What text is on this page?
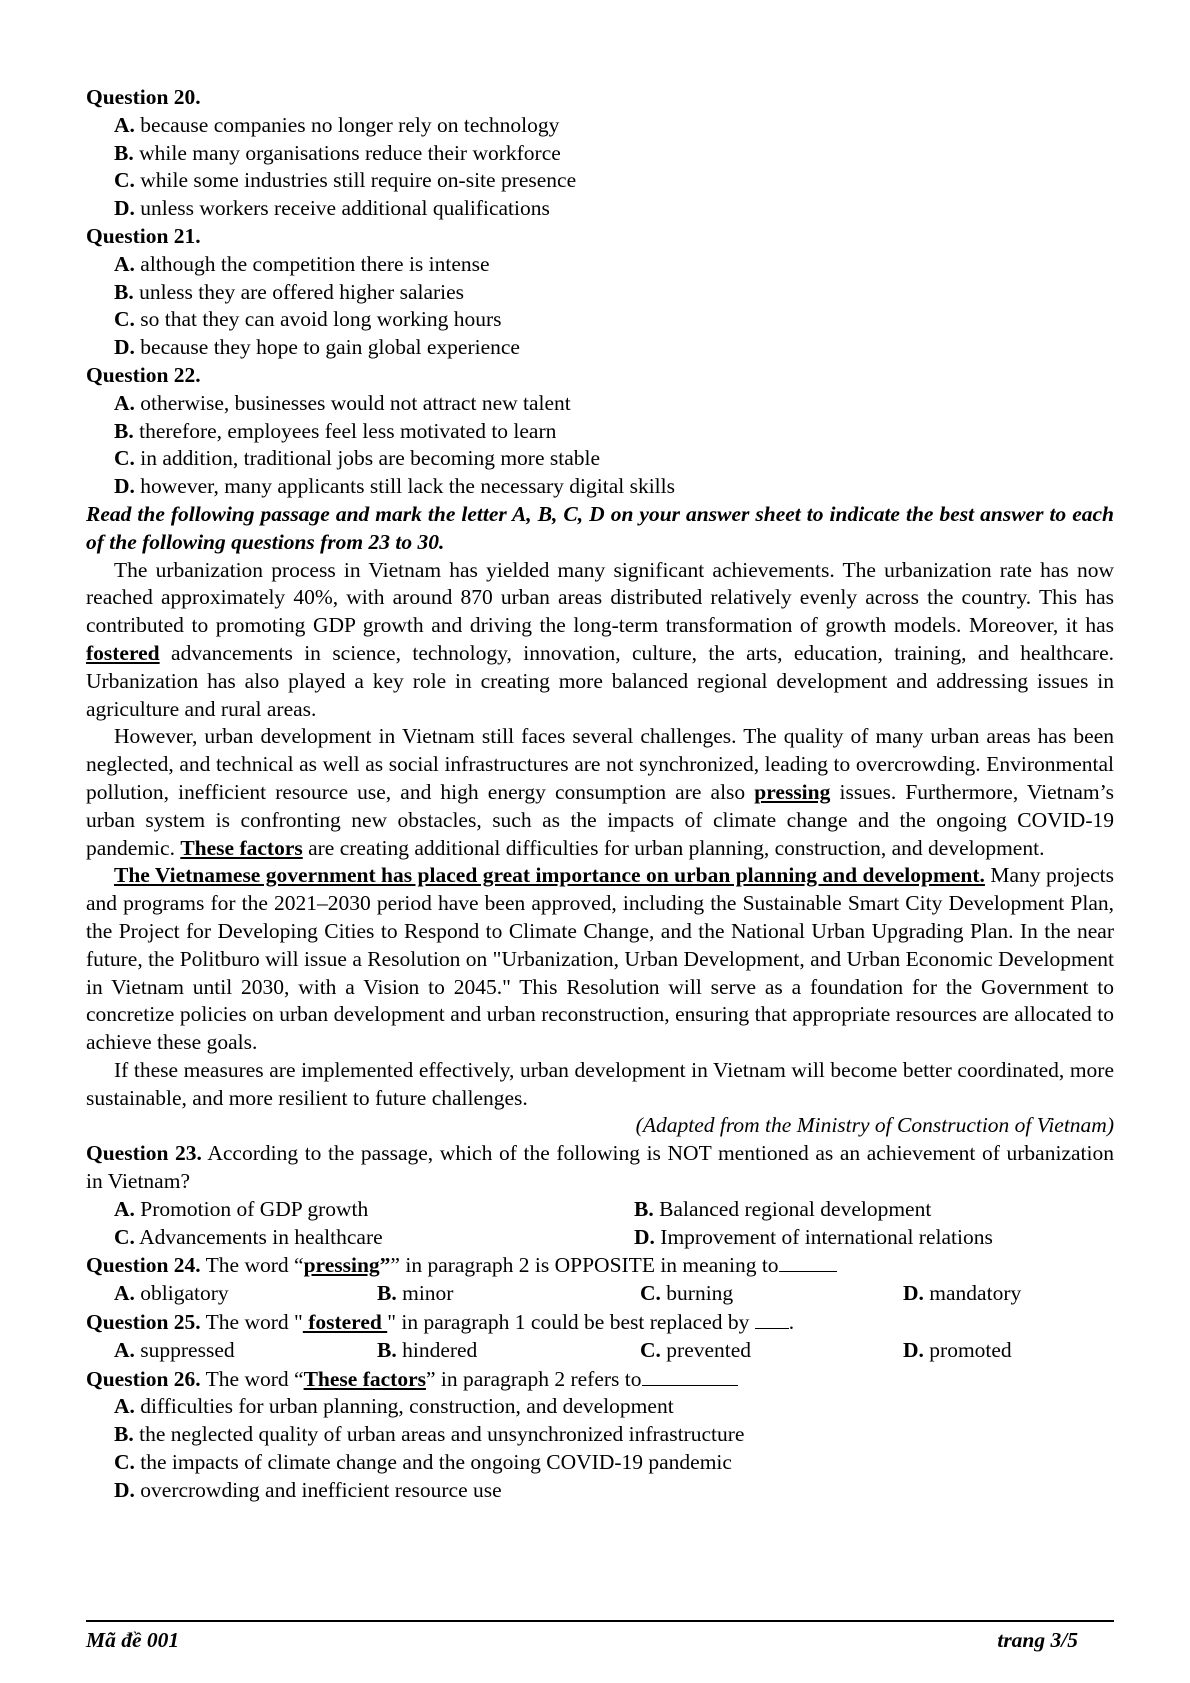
Question 20.
A. because companies no longer rely on technology
B. while many organisations reduce their workforce
C. while some industries still require on-site presence
D. unless workers receive additional qualifications
Question 21.
A. although the competition there is intense
B. unless they are offered higher salaries
C. so that they can avoid long working hours
D. because they hope to gain global experience
Question 22.
A. otherwise, businesses would not attract new talent
B. therefore, employees feel less motivated to learn
C. in addition, traditional jobs are becoming more stable
D. however, many applicants still lack the necessary digital skills
Read the following passage and mark the letter A, B, C, D on your answer sheet to indicate the best answer to each of the following questions from 23 to 30.

The urbanization process in Vietnam has yielded many significant achievements. The urbanization rate has now reached approximately 40%, with around 870 urban areas distributed relatively evenly across the country. This has contributed to promoting GDP growth and driving the long-term transformation of growth models. Moreover, it has fostered advancements in science, technology, innovation, culture, the arts, education, training, and healthcare. Urbanization has also played a key role in creating more balanced regional development and addressing issues in agriculture and rural areas.

However, urban development in Vietnam still faces several challenges. The quality of many urban areas has been neglected, and technical as well as social infrastructures are not synchronized, leading to overcrowding. Environmental pollution, inefficient resource use, and high energy consumption are also pressing issues. Furthermore, Vietnam’s urban system is confronting new obstacles, such as the impacts of climate change and the ongoing COVID-19 pandemic. These factors are creating additional difficulties for urban planning, construction, and development.

The Vietnamese government has placed great importance on urban planning and development. Many projects and programs for the 2021–2030 period have been approved, including the Sustainable Smart City Development Plan, the Project for Developing Cities to Respond to Climate Change, and the National Urban Upgrading Plan. In the near future, the Politburo will issue a Resolution on "Urbanization, Urban Development, and Urban Economic Development in Vietnam until 2030, with a Vision to 2045." This Resolution will serve as a foundation for the Government to concretize policies on urban development and urban reconstruction, ensuring that appropriate resources are allocated to achieve these goals.

If these measures are implemented effectively, urban development in Vietnam will become better coordinated, more sustainable, and more resilient to future challenges.

(Adapted from the Ministry of Construction of Vietnam)
Question 23. According to the passage, which of the following is NOT mentioned as an achievement of urbanization in Vietnam?
A. Promotion of GDP growth	B. Balanced regional development
C. Advancements in healthcare	D. Improvement of international relations
Question 24. The word “pressing”” in paragraph 2 is OPPOSITE in meaning to
A. obligatory	B. minor	C. burning	D. mandatory
Question 25. The word " fostered " in paragraph 1 could be best replaced by .
A. suppressed	B. hindered	C. prevented	D. promoted
Question 26. The word “These factors” in paragraph 2 refers to
A. difficulties for urban planning, construction, and development
B. the neglected quality of urban areas and unsynchronized infrastructure
C. the impacts of climate change and the ongoing COVID-19 pandemic
D. overcrowding and inefficient resource use
Mã đề 001	trang 3/5
